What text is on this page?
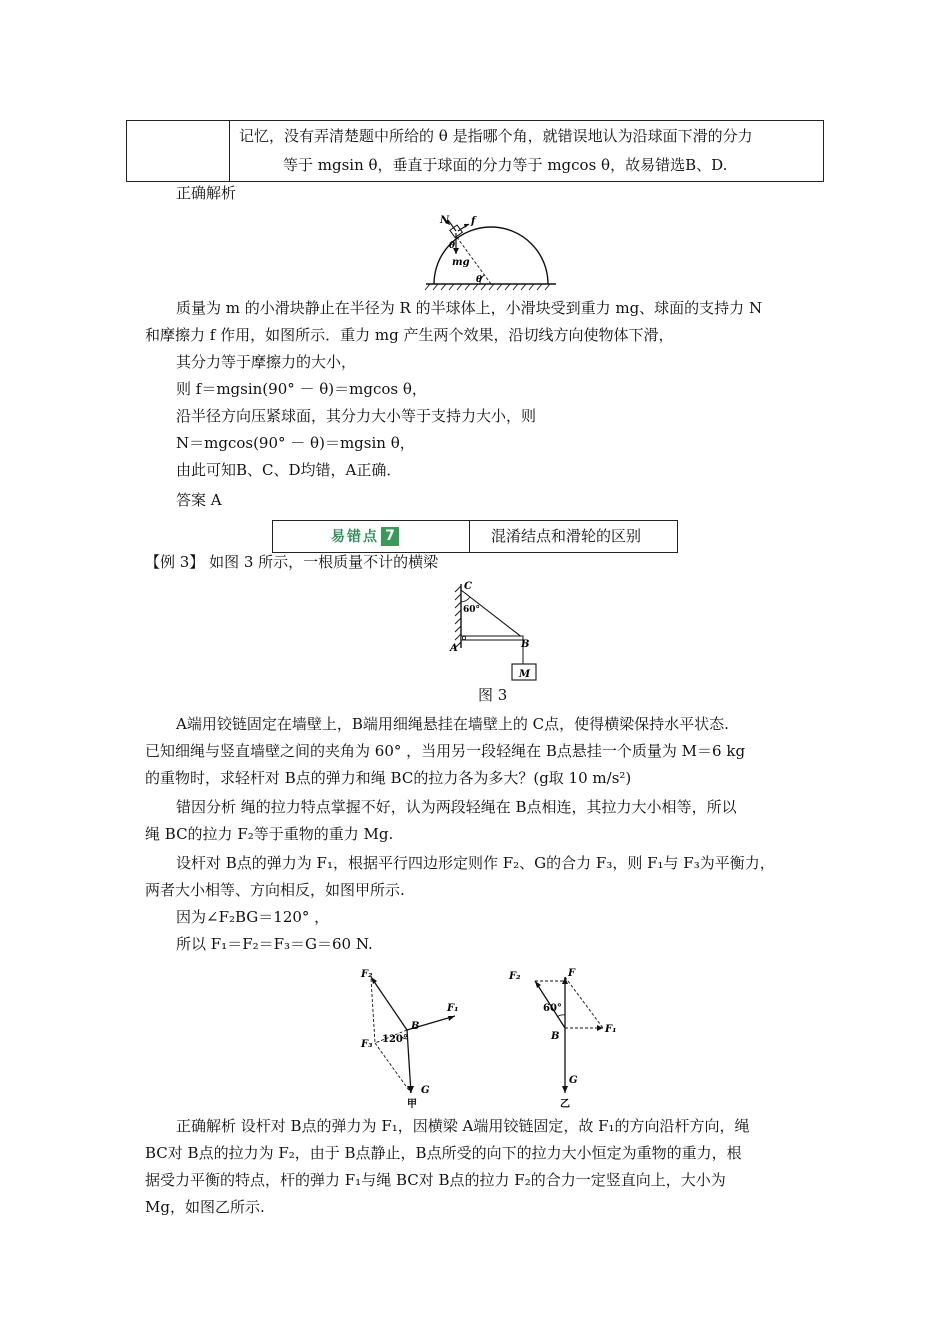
记忆，没有弄清楚题中所给的 θ 是指哪个角，就错误地认为沿球面下滑的分力
等于 mgsin θ，垂直于球面的分力等于 mgcos θ，故易错选B、D.
正确解析
N f
θ
mg
θ
质量为 m 的小滑块静止在半径为 R 的半球体上，小滑块受到重力 mg、球面的支持力 N
和摩擦力 f 作用，如图所示．重力 mg 产生两个效果，沿切线方向使物体下滑，
其分力等于摩擦力的大小，
则 f＝mgsin(90° － θ)＝mgcos θ，
沿半径方向压紧球面，其分力大小等于支持力大小，则
N＝mgcos(90° － θ)＝mgsin θ，
由此可知B、C、D均错，A正确．
答案 A
易错点 7	混淆结点和滑轮的区别
【例 3】 如图 3 所示，一根质量不计的横梁
C
60°
B
A
M
图 3
A端用铰链固定在墙壁上，B端用细绳悬挂在墙壁上的 C点，使得横梁保持水平状态.
已知细绳与竖直墙壁之间的夹角为 60° ，当用另一段轻绳在 B点悬挂一个质量为 M＝6 kg
的重物时，求轻杆对 B点的弹力和绳 BC的拉力各为多大？(g取 10 m/s²)
错因分析 绳的拉力特点掌握不好，认为两段轻绳在 B点相连，其拉力大小相等，所以
绳 BC的拉力 F₂等于重物的重力 Mg.
设杆对 B点的弹力为 F₁，根据平行四边形定则作 F₂、G的合力 F₃，则 F₁与 F₃为平衡力，
两者大小相等、方向相反，如图甲所示.
因为∠F₂BG＝120° ，
所以 F₁＝F₂＝F₃＝G＝60 N.
F₂
F₁
B
F₃ 120°
G
甲
F₂	F
60°
B
F₁
G
乙
正确解析 设杆对 B点的弹力为 F₁，因横梁 A端用铰链固定，故 F₁的方向沿杆方向，绳
BC对 B点的拉力为 F₂，由于 B点静止，B点所受的向下的拉力大小恒定为重物的重力，根
据受力平衡的特点，杆的弹力 F₁与绳 BC对 B点的拉力 F₂的合力一定竖直向上，大小为
Mg，如图乙所示.
